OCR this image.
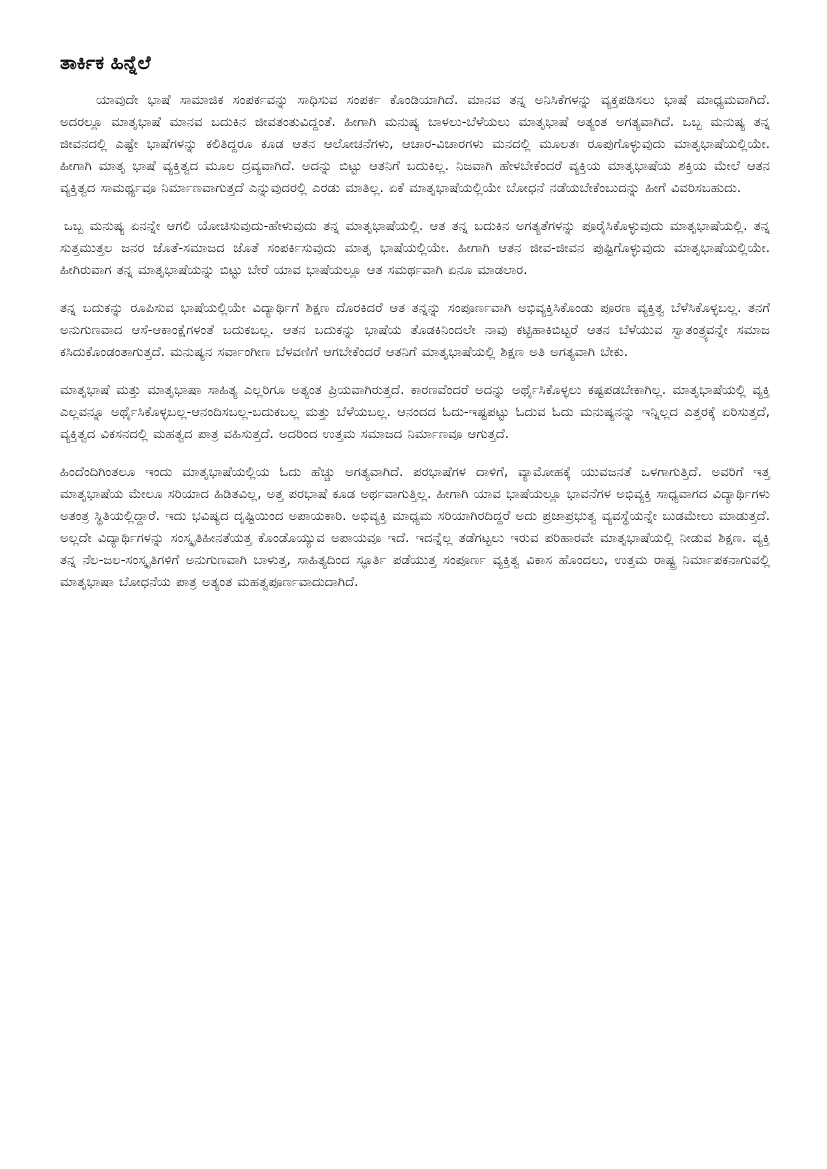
ತಾರ್ಕಿಕ ಹಿನ್ನೆಲೆ

ಯಾವುದೇ ಭಾಷೆ ಸಾಮಾಜಿಕ ಸಂಪರ್ಕವನ್ನು ಸಾಧಿಸುವ ಸಂಪರ್ಕ ಕೊಂಡಿಯಾಗಿದೆ. ಮಾನವ ತನ್ನ ಅನಿಸಿಕೆಗಳನ್ನು ವ್ಯಕ್ತಪಡಿಸಲು ಭಾಷೆ ಮಾಧ್ಯಮವಾಗಿದೆ. ಅದರಲ್ಲೂ ಮಾತೃಭಾಷೆ ಮಾನವ ಬದುಕಿನ ಜೀವತಂತುವಿದ್ದಂತೆ. ಹೀಗಾಗಿ ಮನುಷ್ಯ ಬಾಳಲು-ಬೆಳೆಯಲು ಮಾತೃಭಾಷೆ ಅತ್ಯಂತ ಅಗತ್ಯವಾಗಿದೆ. ಒಬ್ಬ ಮನುಷ್ಯ ತನ್ನ ಜೀವನದಲ್ಲಿ ಎಷ್ಟೇ ಭಾಷೆಗಳನ್ನು ಕಲಿತಿದ್ದರೂ ಕೂಡ ಆತನ ಆಲೋಚನೆಗಳು, ಆಚಾರ-ವಿಚಾರಗಳು ಮನದಲ್ಲಿ ಮೂಲತಃ ರೂಪುಗೊಳ್ಳುವುದು ಮಾತೃಭಾಷೆಯಲ್ಲಿಯೇ. ಹೀಗಾಗಿ ಮಾತೃ ಭಾಷೆ ವ್ಯಕ್ತಿತ್ವದ ಮೂಲ ದ್ರವ್ಯವಾಗಿದೆ. ಅದನ್ನು ಬಿಟ್ಟು ಆತನಿಗೆ ಬದುಕಿಲ್ಲ. ನಿಜವಾಗಿ ಹೇಳಬೇಕೆಂದರೆ ವ್ಯಕ್ತಿಯ ಮಾತೃಭಾಷೆಯ ಶಕ್ತಿಯ ಮೇಲೆ ಆತನ ವ್ಯಕ್ತಿತ್ವದ ಸಾಮರ್ಥ್ಯವೂ ನಿರ್ಮಾಣವಾಗುತ್ತದೆ ಎನ್ನುವುದರಲ್ಲಿ ಎರಡು ಮಾತಿಲ್ಲ. ಏಕೆ ಮಾತೃಭಾಷೆಯಲ್ಲಿಯೇ ಬೋಧನೆ ನಡೆಯಬೇಕೆಂಬುದನ್ನು ಹೀಗೆ ವಿವರಿಸಬಹುದು.

ಒಬ್ಬ ಮನುಷ್ಯ ಏನನ್ನೇ ಆಗಲಿ ಯೋಚಿಸುವುದು-ಹೇಳುವುದು ತನ್ನ ಮಾತೃಭಾಷೆಯಲ್ಲಿ. ಆತ ತನ್ನ ಬದುಕಿನ ಅಗತ್ಯತೆಗಳನ್ನು ಪೂರೈಸಿಕೊಳ್ಳುವುದು ಮಾತೃಭಾಷೆಯಲ್ಲಿ. ತನ್ನ ಸುತ್ತಮುತ್ತಲ ಜನರ ಜೊತೆ-ಸಮಾಜದ ಜೊತೆ ಸಂಪರ್ಕಿಸುವುದು ಮಾತೃ ಭಾಷೆಯಲ್ಲಿಯೇ. ಹೀಗಾಗಿ ಆತನ ಜೀವ-ಜೀವನ ಪುಷ್ಟಿಗೊಳ್ಳುವುದು ಮಾತೃಭಾಷೆಯಲ್ಲಿಯೇ. ಹೀಗಿರುವಾಗ ತನ್ನ ಮಾತೃಭಾಷೆಯನ್ನು ಬಿಟ್ಟು ಬೇರೆ ಯಾವ ಭಾಷೆಯಲ್ಲೂ ಆತ ಸಮರ್ಥವಾಗಿ ಏನೂ ಮಾಡಲಾರ.

ತನ್ನ ಬದುಕನ್ನು ರೂಪಿಸುವ ಭಾಷೆಯಲ್ಲಿಯೇ ವಿದ್ಯಾರ್ಥಿಗೆ ಶಿಕ್ಷಣ ದೊರಕಿದರೆ ಆತ ತನ್ನನ್ನು ಸಂಪೂರ್ಣವಾಗಿ ಅಭಿವ್ಯಕ್ತಿಸಿಕೊಂಡು ಪೂರಣ ವ್ಯಕ್ತಿತ್ವ ಬೆಳೆಸಿಕೊಳ್ಳಬಲ್ಲ. ತನಗೆ ಅನುಗುಣವಾದ ಆಸೆ-ಆಕಾಂಕ್ಷೆಗಳಂತೆ ಬದುಕಬಲ್ಲ. ಆತನ ಬದುಕನ್ನು ಭಾಷೆಯ ತೊಡಕಿನಿಂದಲೇ ನಾವು ಕಟ್ಟಿಹಾಕಿಬಿಟ್ಟರೆ ಆತನ ಬೆಳೆಯುವ ಸ್ವಾತಂತ್ರ್ಯವನ್ನೇ ಸಮಾಜ ಕಸಿದುಕೊಂಡಂತಾಗುತ್ತದೆ. ಮನುಷ್ಯನ ಸರ್ವಾಂಗೀಣ ಬೆಳವಣಿಗೆ ಆಗಬೇಕೆಂದರೆ ಆತನಿಗೆ ಮಾತೃಭಾಷೆಯಲ್ಲಿ ಶಿಕ್ಷಣ ಅತಿ ಅಗತ್ಯವಾಗಿ ಬೇಕು.

ಮಾತೃಭಾಷೆ ಮತ್ತು ಮಾತೃಭಾಷಾ ಸಾಹಿತ್ಯ ಎಲ್ಲರಿಗೂ ಅತ್ಯಂತ ಪ್ರಿಯವಾಗಿರುತ್ತದೆ. ಕಾರಣವೆಂದರೆ ಅದನ್ನು ಅರ್ಥೈಸಿಕೊಳ್ಳಲು ಕಷ್ಟಪಡಬೇಕಾಗಿಲ್ಲ. ಮಾತೃಭಾಷೆಯಲ್ಲಿ ವ್ಯಕ್ತಿ ಎಲ್ಲವನ್ನೂ ಅರ್ಥೈಸಿಕೊಳ್ಳಬಲ್ಲ-ಆನಂದಿಸಬಲ್ಲ-ಬದುಕಬಲ್ಲ ಮತ್ತು ಬೆಳೆಯಬಲ್ಲ. ಆನಂದದ ಓದು-ಇಷ್ಟಪಟ್ಟು ಓದುವ ಓದು ಮನುಷ್ಯನನ್ನು ಇನ್ನಿಲ್ಲದ ಎತ್ತರಕ್ಕೆ ಏರಿಸುತ್ತದೆ, ವ್ಯಕ್ತಿತ್ವದ ವಿಕಸನದಲ್ಲಿ ಮಹತ್ವದ ಪಾತ್ರ ವಹಿಸುತ್ತದೆ. ಅದರಿಂದ ಉತ್ತಮ ಸಮಾಜದ ನಿರ್ಮಾಣವೂ ಆಗುತ್ತದೆ.

ಹಿಂದೆಂದಿಗಿಂತಲೂ ಇಂದು ಮಾತೃಭಾಷೆಯಲ್ಲಿಯ ಓದು ಹೆಚ್ಚು ಅಗತ್ಯವಾಗಿದೆ. ಪರಭಾಷೆಗಳ ದಾಳಿಗೆ, ವ್ಯಾಮೋಹಕ್ಕೆ ಯುವಜನತೆ ಒಳಗಾಗುತ್ತಿದೆ. ಅವರಿಗೆ ಇತ್ತ ಮಾತೃಭಾಷೆಯ ಮೇಲೂ ಸರಿಯಾದ ಹಿಡಿತವಿಲ್ಲ, ಅತ್ತ ಪರಭಾಷೆ ಕೂಡ ಅರ್ಥವಾಗುತ್ತಿಲ್ಲ. ಹೀಗಾಗಿ ಯಾವ ಭಾಷೆಯಲ್ಲೂ ಭಾವನೆಗಳ ಅಭಿವ್ಯಕ್ತಿ ಸಾಧ್ಯವಾಗದ ವಿದ್ಯಾರ್ಥಿಗಳು ಅತಂತ್ರ ಸ್ಥಿತಿಯಲ್ಲಿದ್ದಾರೆ. ಇದು ಭವಿಷ್ಯದ ದೃಷ್ಟಿಯಿಂದ ಅಪಾಯಕಾರಿ. ಅಭಿವ್ಯಕ್ತಿ ಮಾಧ್ಯಮ ಸರಿಯಾಗಿರದಿದ್ದರೆ ಅದು ಪ್ರಜಾಪ್ರಭುತ್ವ ವ್ಯವಸ್ಥೆಯನ್ನೇ ಬುಡಮೇಲು ಮಾಡುತ್ತದೆ. ಅಲ್ಲದೇ ವಿದ್ಯಾರ್ಥಿಗಳನ್ನು ಸಂಸ್ಕೃತಿಹೀನತೆಯತ್ತ ಕೊಂಡೊಯ್ಯುವ ಅಪಾಯವೂ ಇದೆ. ಇದನ್ನೆಲ್ಲ ತಡೆಗಟ್ಟಲು ಇರುವ ಪರಿಹಾರವೇ ಮಾತೃಭಾಷೆಯಲ್ಲಿ ನೀಡುವ ಶಿಕ್ಷಣ. ವ್ಯಕ್ತಿ ತನ್ನ ನೆಲ-ಜಲ-ಸಂಸ್ಕೃತಿಗಳಿಗೆ ಅನುಗುಣವಾಗಿ ಬಾಳುತ್ತ, ಸಾಹಿತ್ಯದಿಂದ ಸ್ಫೂರ್ತಿ ಪಡೆಯುತ್ತ ಸಂಪೂರ್ಣ ವ್ಯಕ್ತಿತ್ವ ವಿಕಾಸ ಹೊಂದಲು, ಉತ್ತಮ ರಾಷ್ಟ್ರ ನಿರ್ಮಾಪಕನಾಗುವಲ್ಲಿ ಮಾತೃಭಾಷಾ ಬೋಧನೆಯ ಪಾತ್ರ ಅತ್ಯಂತ ಮಹತ್ವಪೂರ್ಣವಾದುದಾಗಿದೆ.
